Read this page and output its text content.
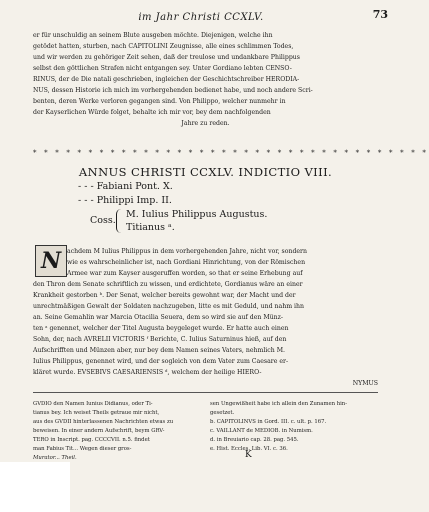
im Jahr Christi CCXLV.	73

er für unschuldig an seinem Blute ausgeben möchte. Diejenigen, welche ihn

getödet hatten, sturben, nach CAPITOLINI Zeugnisse, alle eines schlimmen Todes,

und wir werden zu gehöriger Zeit sehen, daß der treulose und undankbare Philippus

selbst den göttlichen Strafen nicht entgangen sey. Unter Gordiano lebten CENSO-

RINUS, der de Die natali geschrieben, ingleichen der Geschichtschreiber HERODIA-

NUS, dessen Historie ich mich im vorhergehenden bedienet habe, und noch andere Scri-

benten, deren Werke verloren gegangen sind. Von Philippo, welcher nunmehr in

der Kayserlichen Würde folget, behalte ich mir vor, bey dem nachfolgenden

Jahre zu reden.

* * * * * * * * * * * * * * * * * * * * * * * * * * * * * * * * * * * *
ANNUS CHRISTI CCXLV. INDICTIO VIII.
- - - Fabiani Pont. X.
- - - Philippi Imp. II.
Coss.
M. Iulius Philippus Augustus.
Titianus ᵃ.
N achdem M Iulius Philippus in dem vorhergehenden Jahre, nicht vor, sondern

wie es wahrscheinlicher ist, nach Gordiani Hinrichtung, von der Römischen

Armee war zum Kayser ausgeruffen worden, so that er seine Erhebung auf

den Thron dem Senate schriftlich zu wissen, und erdichtete, Gordianus wäre an einer

Krankheit gestorben ᵇ. Der Senat, welcher bereits gewohnt war, der Macht und der

unrechtmäßigen Gewalt der Soldaten nachzugeben, litte es mit Geduld, und nahm ihn

an. Seine Gemahlin war Marcia Otacilia Seuera, dem so wird sie auf den Münz-

ten ᵃ genennet, welcher der Titel Augusta beygeleget wurde. Er hatte auch einen

Sohn, der, nach AVRELII VICTORIS ᶠ Berichte, C. Iulius Saturninus hieß, auf den

Aufschrifften und Münzen aber, nur bey dem Namen seines Vaters, nehmlich M.

Iulius Philippus, genennet wird, und der sogleich von dem Vater zum Caesare er-

kläret wurde. EVSEBIVS CAESARIENSIS ᵈ, welchem der heilige HIERO-

NYMUS

GVDIO den Namen Iunius Didianus, oder Ti-

tianus bey. Ich weiset Theils getraue mir nicht,

aus des GVDII hinterlassenen Nachrichten etwas zu

beweisen. In einer andern Aufschrift, beym GRV-

TERO in Inscript. pag. CCCCVII. n.5. findet

man Fabius Tit... Wegen dieser gros-

Murator... Theil.

sen Ungewißheit habe ich allein den Zunamen hin-

gesetzet.

b. CAPITOLINVS in Gord. III. c. ult. p. 167.

c. VAILLANT de MEDIOB. in Numism.

d. in Breuiario cap. 28. pag. 545.

e. Hist. Eccles. Lib. VI. c. 36.

K
